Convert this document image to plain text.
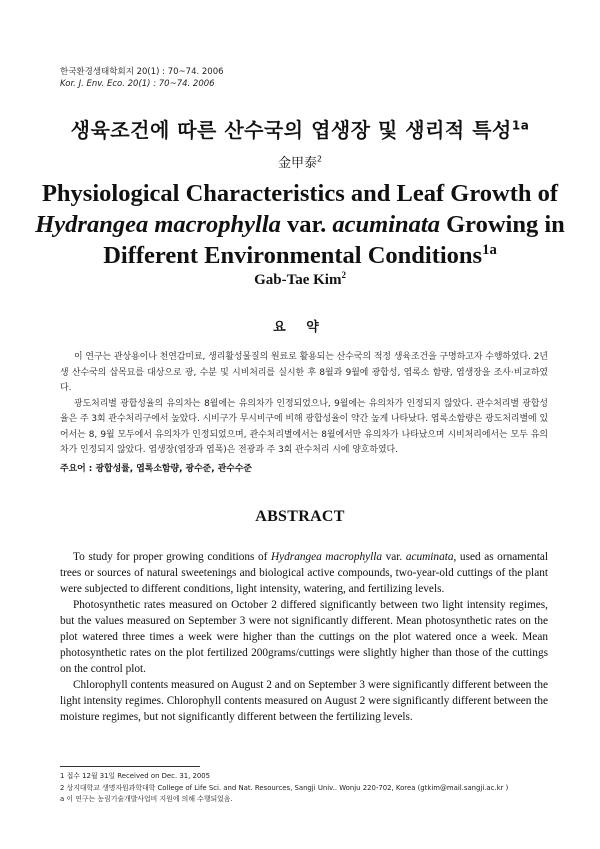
한국환경생태학회지 20(1) : 70~74. 2006
Kor. J. Env. Eco. 20(1) : 70~74. 2006
생육조건에 따른 산수국의 엽생장 및 생리적 특성$^{1a}$
金甲泰$^2$
Physiological Characteristics and Leaf Growth of
Hydrangea macrophylla var. acuminata Growing in
Different Environmental Conditions$^{1a}$
Gab-Tae Kim$^2$
요 약

이 연구는 관상용이나 천연감미료, 생리활성물질의 원료로 활용되는 산수국의 적정 생육조건을 구명하고자 수행하였다. 2년생 산수국의 삽목묘를 대상으로 광, 수분 및 시비처리를 실시한 후 8월과 9월에 광합성, 엽록소 함량, 엽생장을 조사·비교하였다.

광도처리별 광합성율의 유의차는 8월에는 유의차가 인정되었으나, 9월에는 유의차가 인정되지 않았다. 관수처리별 광합성율은 주 3회 관수처리구에서 높았다. 시비구가 무시비구에 비해 광합성율이 약간 높게 나타났다. 엽록소함량은 광도처리별에 있어서는 8, 9월 모두에서 유의차가 인정되었으며, 관수처리별에서는 8월에서만 유의차가 나타났으며 시비처리에서는 모두 유의차가 인정되지 않았다. 엽생장(엽장과 엽폭)은 전광과 주 3회 관수처리 시에 양호하였다.

주요어 : 광합성률, 엽록소함량, 광수준, 관수수준
ABSTRACT

To study for proper growing conditions of Hydrangea macrophylla var. acuminata, used as ornamental trees or sources of natural sweetenings and biological active compounds, two-year-old cuttings of the plant were subjected to different conditions, light intensity, watering, and fertilizing levels.

Photosynthetic rates measured on October 2 differed significantly between two light intensity regimes, but the values measured on September 3 were not significantly different. Mean photosynthetic rates on the plot watered three times a week were higher than the cuttings on the plot watered once a week. Mean photosynthetic rates on the plot fertilized 200grams/cuttings were slightly higher than those of the cuttings on the control plot.

Chlorophyll contents measured on August 2 and on September 3 were significantly different between the light intensity regimes. Chlorophyll contents measured on August 2 were significantly different between the moisture regimes, but not significantly different between the fertilizing levels.

1 접수 12월 31일 Received on Dec. 31, 2005
2 상지대학교 생명자원과학대학 College of Life Sci. and Nat. Resources, Sangji Univ.. Wonju 220-702, Korea (gtkim@mail.sangji.ac.kr )
a 이 연구는 농림기술개발사업비 지원에 의해 수행되었음.
